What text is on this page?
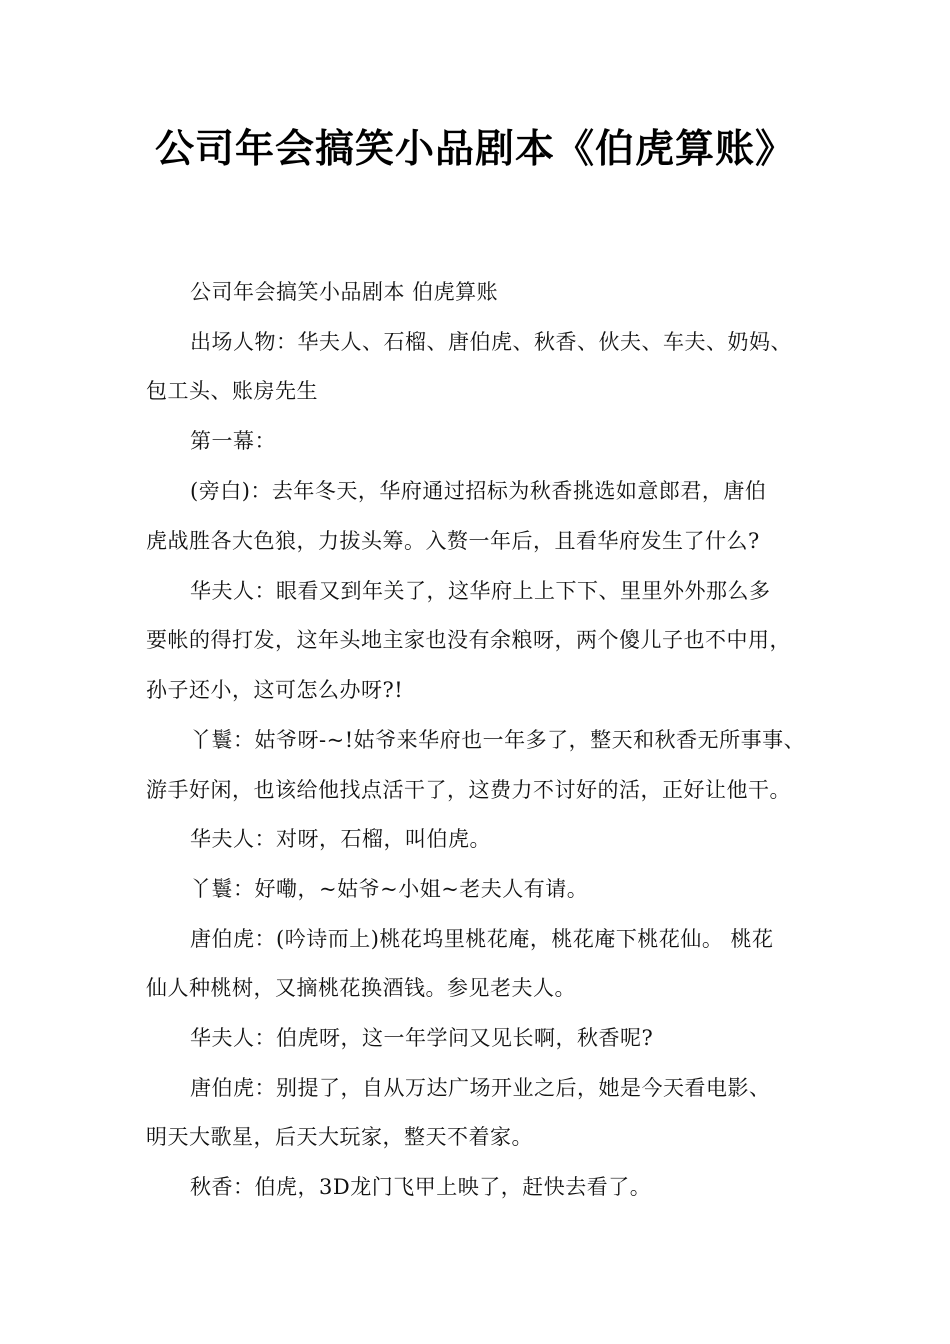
公司年会搞笑小品剧本《伯虎算账》
公司年会搞笑小品剧本 伯虎算账
出场人物：华夫人、石榴、唐伯虎、秋香、伙夫、车夫、奶妈、
包工头、账房先生
第一幕：
(旁白)：去年冬天，华府通过招标为秋香挑选如意郎君，唐伯
虎战胜各大色狼，力拔头筹。入赘一年后，且看华府发生了什么?
华夫人：眼看又到年关了，这华府上上下下、里里外外那么多
要帐的得打发，这年头地主家也没有余粮呀，两个傻儿子也不中用，
孙子还小，这可怎么办呀?!
丫鬟：姑爷呀-~!姑爷来华府也一年多了，整天和秋香无所事事、
游手好闲，也该给他找点活干了，这费力不讨好的活，正好让他干。
华夫人：对呀，石榴，叫伯虎。
丫鬟：好嘞，~姑爷~小姐~老夫人有请。
唐伯虎：(吟诗而上)桃花坞里桃花庵，桃花庵下桃花仙。 桃花
仙人种桃树，又摘桃花换酒钱。参见老夫人。
华夫人：伯虎呀，这一年学问又见长啊，秋香呢?
唐伯虎：别提了，自从万达广场开业之后，她是今天看电影、
明天大歌星，后天大玩家，整天不着家。
秋香：伯虎，3D龙门飞甲上映了，赶快去看了。
